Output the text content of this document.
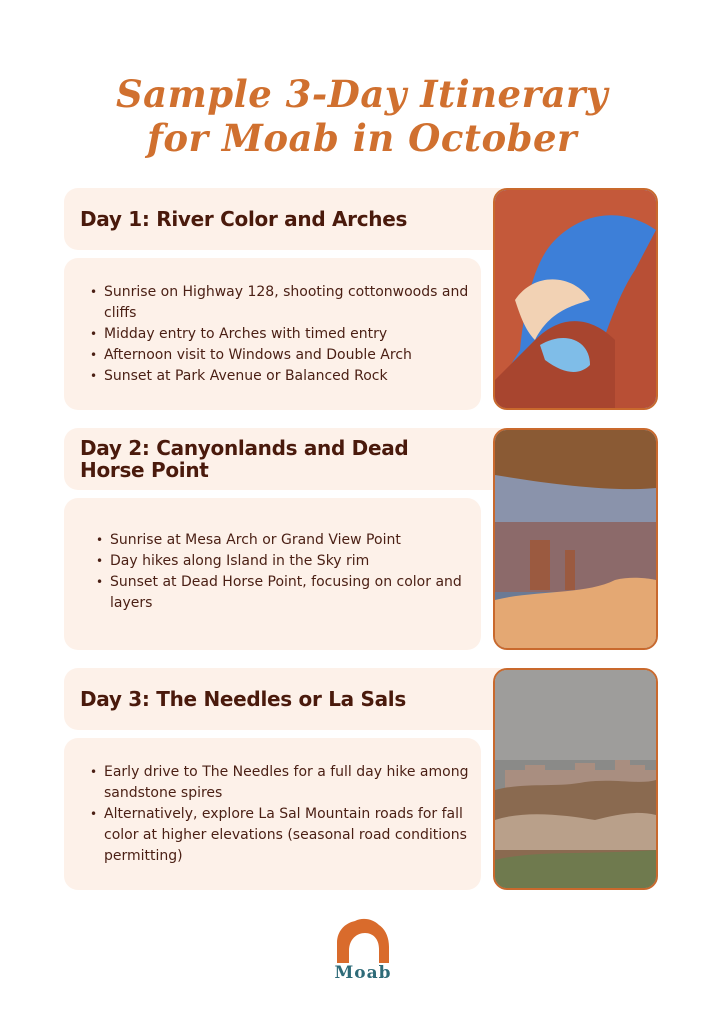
Sample 3-Day Itinerary
for Moab in October
Day 1: River Color and Arches
• Sunrise on Highway 128, shooting cottonwoods and cliffs
• Midday entry to Arches with timed entry
• Afternoon visit to Windows and Double Arch
• Sunset at Park Avenue or Balanced Rock
Day 2: Canyonlands and Dead Horse Point
• Sunrise at Mesa Arch or Grand View Point
• Day hikes along Island in the Sky rim
• Sunset at Dead Horse Point, focusing on color and layers
Day 3: The Needles or La Sals
• Early drive to The Needles for a full day hike among sandstone spires
• Alternatively, explore La Sal Mountain roads for fall color at higher elevations (seasonal road conditions permitting)
Moab
